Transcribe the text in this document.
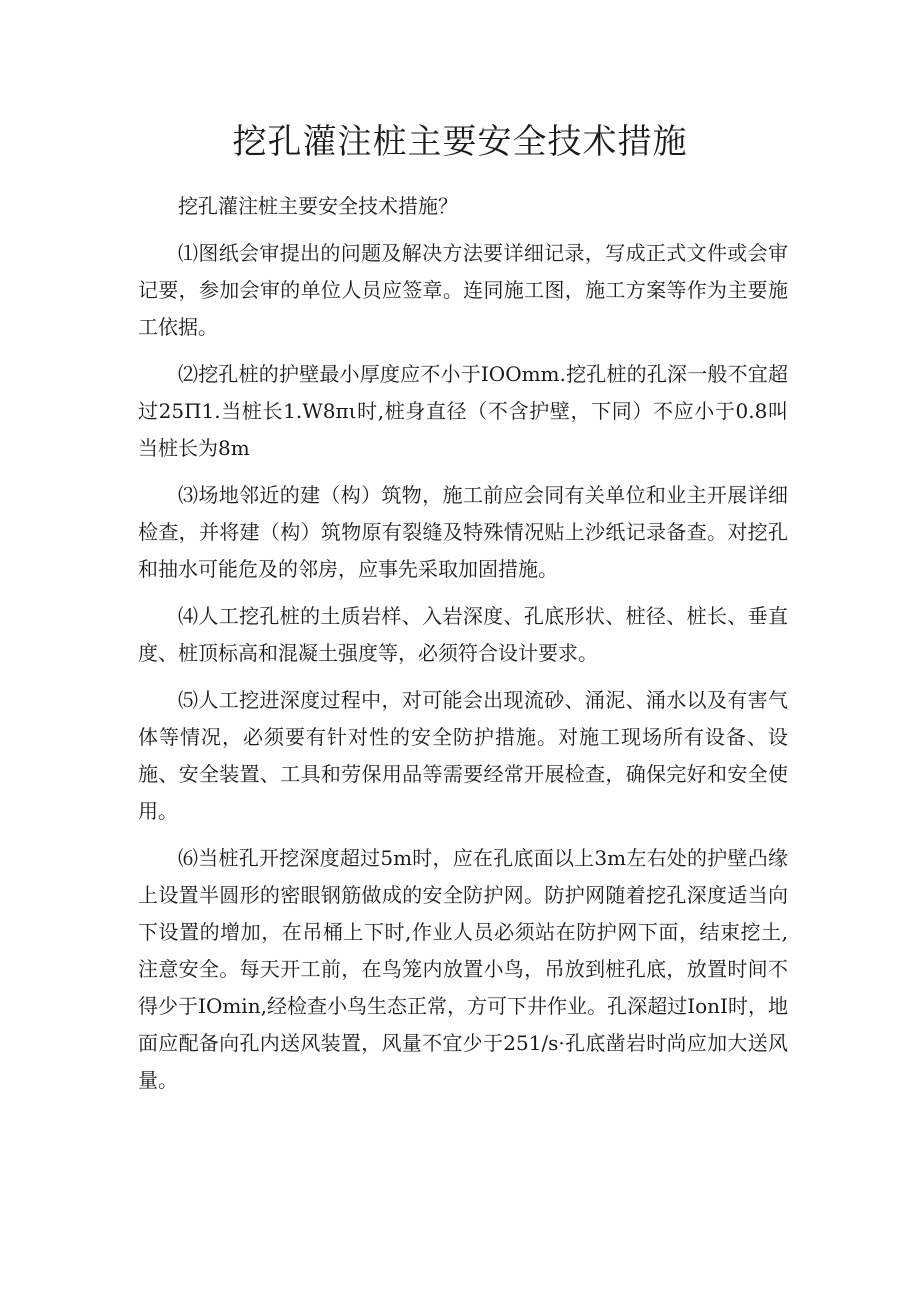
挖孔灌注桩主要安全技术措施

挖孔灌注桩主要安全技术措施？

⑴图纸会审提出的问题及解决方法要详细记录，写成正式文件或会审记要，参加会审的单位人员应签章。连同施工图，施工方案等作为主要施工依据。

⑵挖孔桩的护壁最小厚度应不小于IOOmm.挖孔桩的孔深一般不宜超过25Π1.当桩长1.W8πι时,桩身直径（不含护壁，下同）不应小于0.8叫当桩长为8m

⑶场地邻近的建（构）筑物，施工前应会同有关单位和业主开展详细检查，并将建（构）筑物原有裂缝及特殊情况贴上沙纸记录备查。对挖孔和抽水可能危及的邻房，应事先采取加固措施。

⑷人工挖孔桩的土质岩样、入岩深度、孔底形状、桩径、桩长、垂直度、桩顶标高和混凝土强度等，必须符合设计要求。

⑸人工挖进深度过程中，对可能会出现流砂、涌泥、涌水以及有害气体等情况，必须要有针对性的安全防护措施。对施工现场所有设备、设施、安全装置、工具和劳保用品等需要经常开展检查，确保完好和安全使用。

⑹当桩孔开挖深度超过5m时，应在孔底面以上3m左右处的护壁凸缘上设置半圆形的密眼钢筋做成的安全防护网。防护网随着挖孔深度适当向下设置的增加，在吊桶上下时,作业人员必须站在防护网下面，结束挖土,注意安全。每天开工前，在鸟笼内放置小鸟，吊放到桩孔底，放置时间不得少于IOmin,经检查小鸟生态正常，方可下井作业。孔深超过IonI时，地面应配备向孔内送风装置，风量不宜少于251∕s·孔底凿岩时尚应加大送风量。
